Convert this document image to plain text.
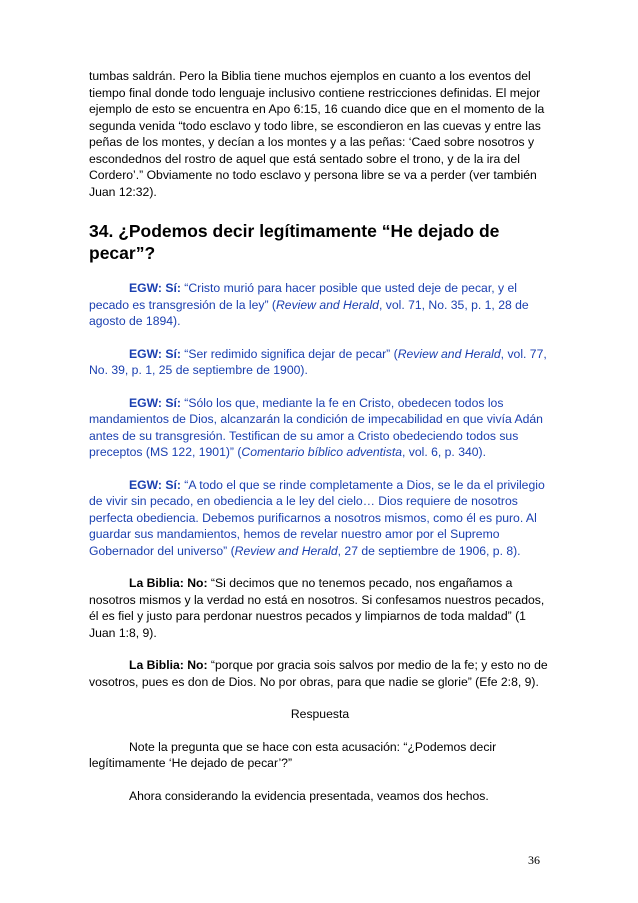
tumbas saldrán. Pero la Biblia tiene muchos ejemplos en cuanto a los eventos del tiempo final donde todo lenguaje inclusivo contiene restricciones definidas. El mejor ejemplo de esto se encuentra en Apo 6:15, 16 cuando dice que en el momento de la segunda venida “todo esclavo y todo libre, se escondieron en las cuevas y entre las peñas de los montes, y decían a los montes y a las peñas: ‘Caed sobre nosotros y escondednos del rostro de aquel que está sentado sobre el trono, y de la ira del Cordero’.” Obviamente no todo esclavo y persona libre se va a perder (ver también Juan 12:32).

34. ¿Podemos decir legítimamente “He dejado de pecar”?

EGW: Sí: “Cristo murió para hacer posible que usted deje de pecar, y el pecado es transgresión de la ley” (Review and Herald, vol. 71, No. 35, p. 1, 28 de agosto de 1894).

EGW: Sí: “Ser redimido significa dejar de pecar” (Review and Herald, vol. 77, No. 39, p. 1, 25 de septiembre de 1900).

EGW: Sí: “Sólo los que, mediante la fe en Cristo, obedecen todos los mandamientos de Dios, alcanzarán la condición de impecabilidad en que vivía Adán antes de su transgresión. Testifican de su amor a Cristo obedeciendo todos sus preceptos (MS 122, 1901)” (Comentario bíblico adventista, vol. 6, p. 340).

EGW: Sí: “A todo el que se rinde completamente a Dios, se le da el privilegio de vivir sin pecado, en obediencia a le ley del cielo… Dios requiere de nosotros perfecta obediencia. Debemos purificarnos a nosotros mismos, como él es puro. Al guardar sus mandamientos, hemos de revelar nuestro amor por el Supremo Gobernador del universo” (Review and Herald, 27 de septiembre de 1906, p. 8).

La Biblia: No: “Si decimos que no tenemos pecado, nos engañamos a nosotros mismos y la verdad no está en nosotros. Si confesamos nuestros pecados, él es fiel y justo para perdonar nuestros pecados y limpiarnos de toda maldad” (1 Juan 1:8, 9).

La Biblia: No: “porque por gracia sois salvos por medio de la fe; y esto no de vosotros, pues es don de Dios. No por obras, para que nadie se glorie” (Efe 2:8, 9).

Respuesta

Note la pregunta que se hace con esta acusación: “¿Podemos decir legítimamente ‘He dejado de pecar’?”

Ahora considerando la evidencia presentada, veamos dos hechos.

36
